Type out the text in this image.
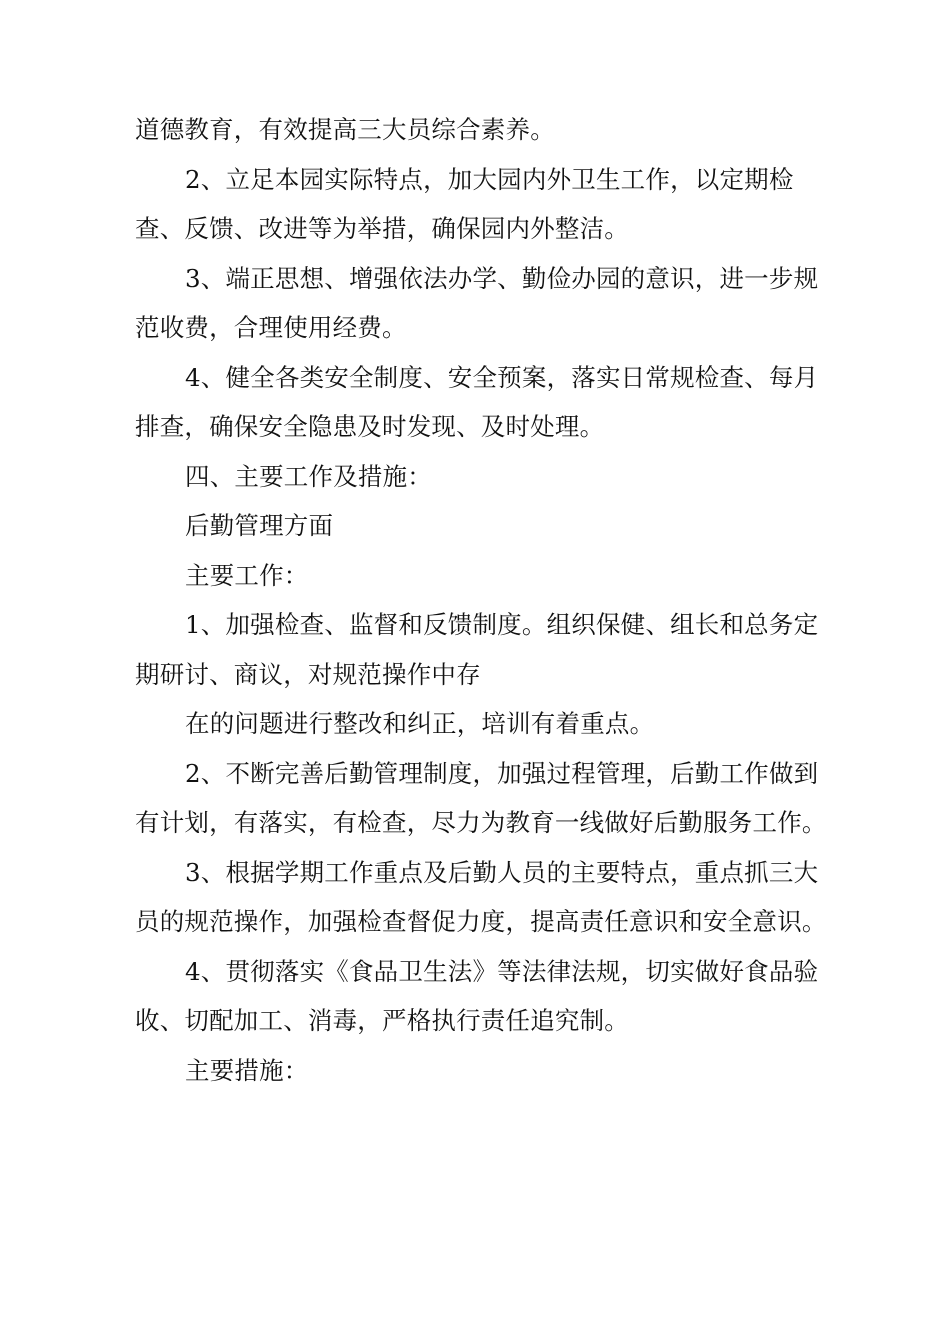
道德教育，有效提高三大员综合素养。

2、立足本园实际特点，加大园内外卫生工作，以定期检查、反馈、改进等为举措，确保园内外整洁。

3、端正思想、增强依法办学、勤俭办园的意识，进一步规范收费，合理使用经费。

4、健全各类安全制度、安全预案，落实日常规检查、每月排查，确保安全隐患及时发现、及时处理。

四、主要工作及措施：

后勤管理方面

主要工作：

1、加强检查、监督和反馈制度。组织保健、组长和总务定期研讨、商议，对规范操作中存

在的问题进行整改和纠正，培训有着重点。

2、不断完善后勤管理制度，加强过程管理，后勤工作做到有计划，有落实，有检查，尽力为教育一线做好后勤服务工作。

3、根据学期工作重点及后勤人员的主要特点，重点抓三大员的规范操作，加强检查督促力度，提高责任意识和安全意识。

4、贯彻落实《食品卫生法》等法律法规，切实做好食品验收、切配加工、消毒，严格执行责任追究制。

主要措施：
